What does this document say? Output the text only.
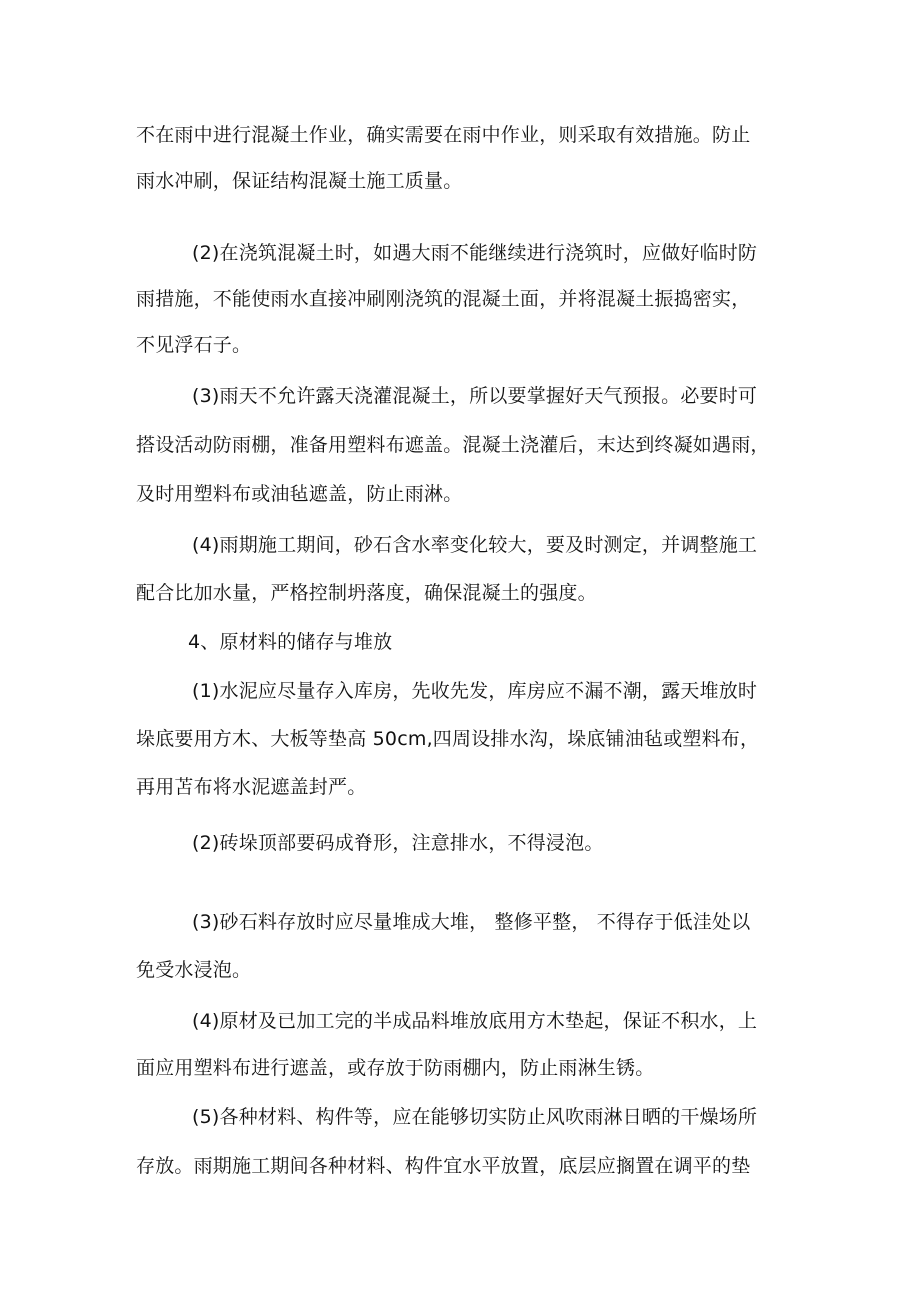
不在雨中进行混凝土作业，确实需要在雨中作业，则采取有效措施。防止
雨水冲刷，保证结构混凝土施工质量。
(2)在浇筑混凝土时，如遇大雨不能继续进行浇筑时，应做好临时防
雨措施，不能使雨水直接冲刷刚浇筑的混凝土面，并将混凝土振捣密实，
不见浮石子。
(3)雨天不允许露天浇灌混凝土，所以要掌握好天气预报。必要时可
搭设活动防雨棚，准备用塑料布遮盖。混凝土浇灌后，末达到终凝如遇雨，
及时用塑料布或油毡遮盖，防止雨淋。
(4)雨期施工期间，砂石含水率变化较大，要及时测定，并调整施工
配合比加水量，严格控制坍落度，确保混凝土的强度。
4、原材料的储存与堆放
(1)水泥应尽量存入库房，先收先发，库房应不漏不潮，露天堆放时
垛底要用方木、大板等垫高 50cm,四周设排水沟，垛底铺油毡或塑料布，
再用苫布将水泥遮盖封严。
(2)砖垛顶部要码成脊形，注意排水，不得浸泡。
(3)砂石料存放时应尽量堆成大堆， 整修平整， 不得存于低洼处以
免受水浸泡。
(4)原材及已加工完的半成品料堆放底用方木垫起，保证不积水，上
面应用塑料布进行遮盖，或存放于防雨棚内，防止雨淋生锈。
(5)各种材料、构件等，应在能够切实防止风吹雨淋日晒的干燥场所
存放。雨期施工期间各种材料、构件宜水平放置，底层应搁置在调平的垫
